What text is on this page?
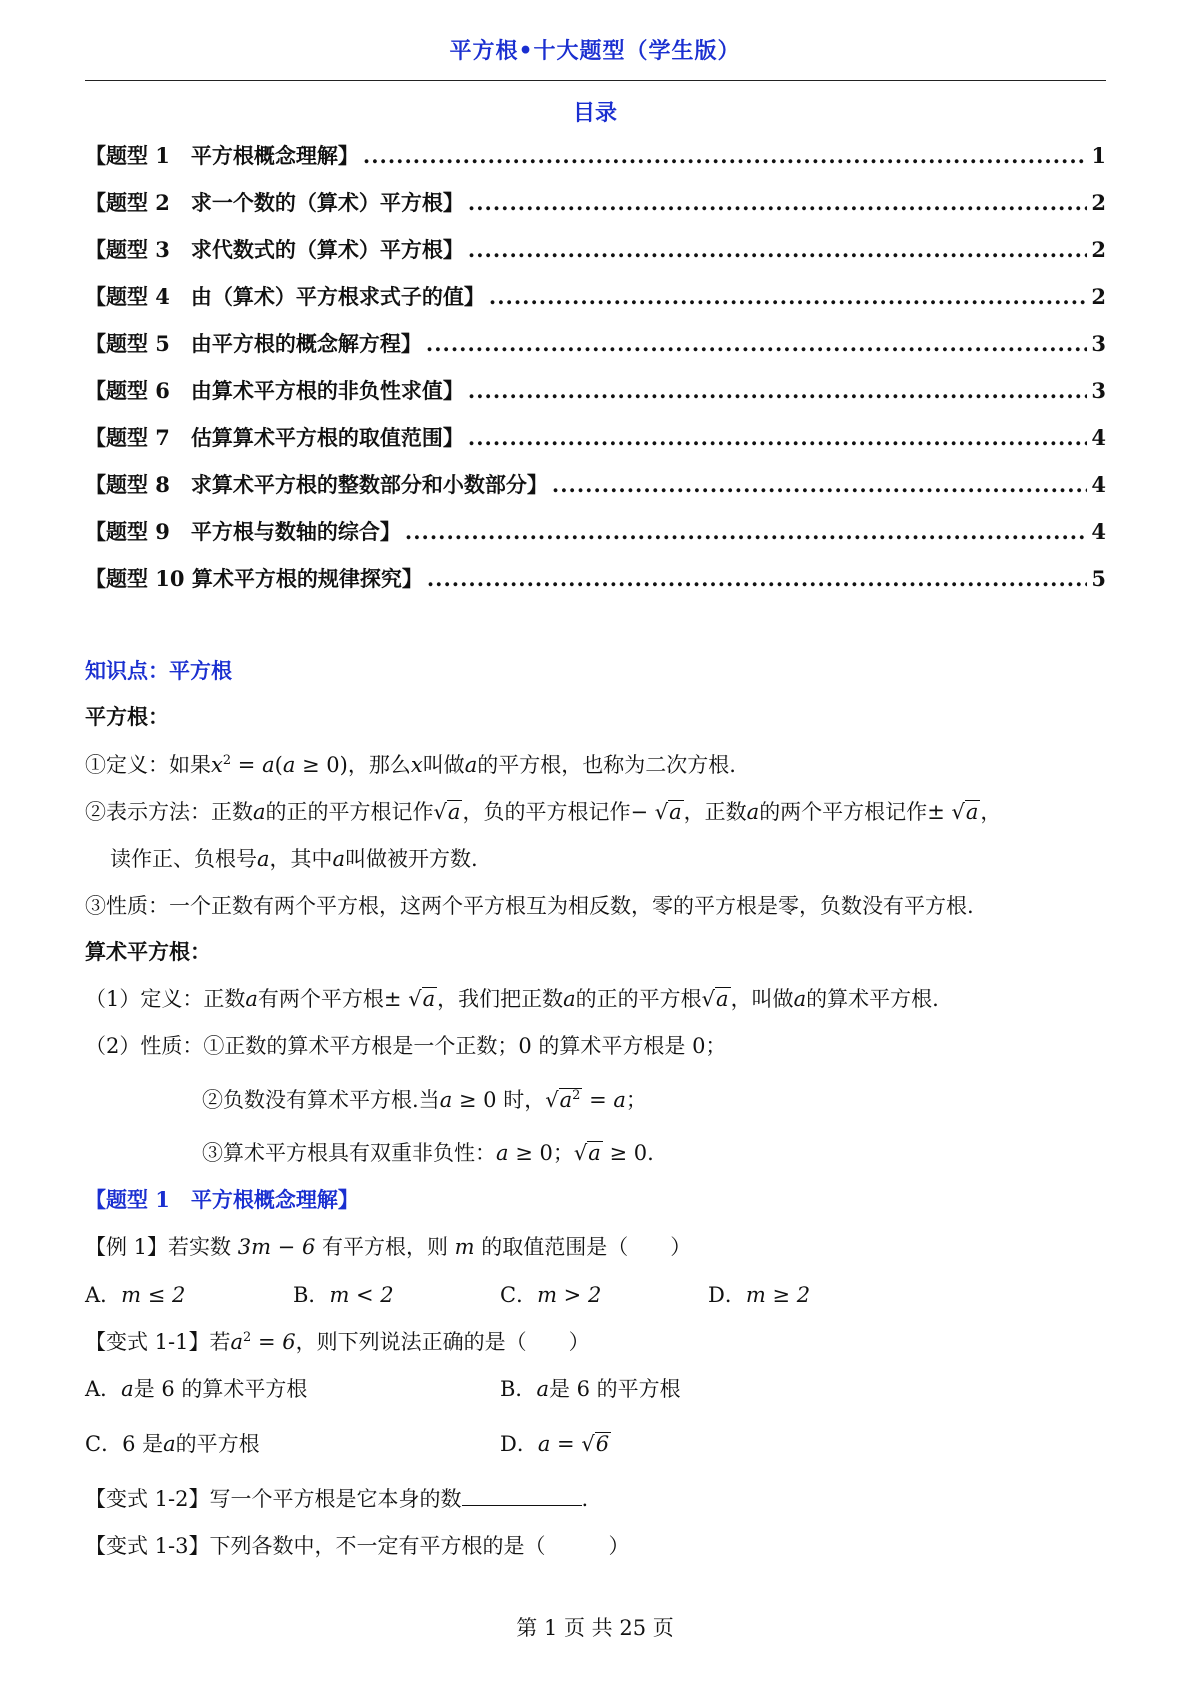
平方根•十大题型（学生版）
目录
【题型 1　平方根概念理解】 .....	1
【题型 2　求一个数的（算术）平方根】 .....	2
【题型 3　求代数式的（算术）平方根】 .....	2
【题型 4　由（算术）平方根求式子的值】 .....	2
【题型 5　由平方根的概念解方程】 .....	3
【题型 6　由算术平方根的非负性求值】 .....	3
【题型 7　估算算术平方根的取值范围】 .....	4
【题型 8　求算术平方根的整数部分和小数部分】 .....	4
【题型 9　平方根与数轴的综合】 .....	4
【题型 10 算术平方根的规律探究】 .....	5
知识点：平方根
平方根：
①定义：如果$x^2 = a(a \ge 0)$，那么x叫做a的平方根，也称为二次方根.
②表示方法：正数a的正的平方根记作√a，负的平方根记作− √a，正数a的两个平方根记作± √a，
读作正、负根号a，其中a叫做被开方数.
③性质：一个正数有两个平方根，这两个平方根互为相反数，零的平方根是零，负数没有平方根.
算术平方根：
（1）定义：正数a有两个平方根± √a，我们把正数a的正的平方根√a，叫做a的算术平方根.
（2）性质：①正数的算术平方根是一个正数；0 的算术平方根是 0；
②负数没有算术平方根.当a ≥ 0 时，$√a^2 = a$；
③算术平方根具有双重非负性：a ≥ 0；√a ≥ 0.
【题型 1　平方根概念理解】
【例 1】若实数 3m − 6 有平方根，则 m 的取值范围是（　　）
A．m ≤ 2	B．m < 2	C．m > 2	D．m ≥ 2
【变式 1-1】若$a^2 = 6$，则下列说法正确的是（　　）
A．a是 6 的算术平方根	B．a是 6 的平方根
C．6 是a的平方根	D．a = √6
【变式 1-2】写一个平方根是它本身的数	.
【变式 1-3】下列各数中，不一定有平方根的是（　　　）
第 1 页 共 25 页
